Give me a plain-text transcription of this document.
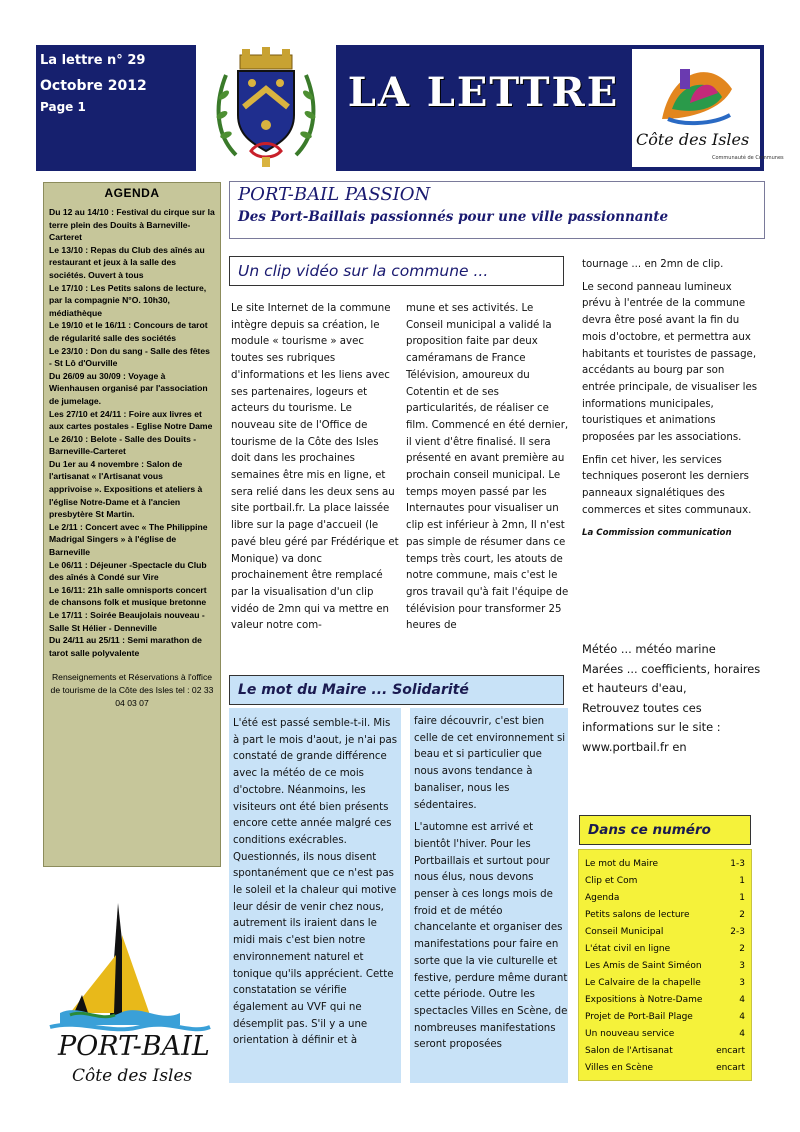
La lettre n° 29
Octobre 2012
Page 1	LA LETTRE
Côte des Isles
Communauté de Communes
AGENDA
Du 12 au 14/10 : Festival du cirque sur la terre plein des Douits à Barneville-Carteret
Le 13/10 : Repas du Club des aînés au restaurant et jeux à la salle des sociétés. Ouvert à tous
Le 17/10 : Les Petits salons de lecture, par la compagnie N°O. 10h30, médiathèque
Le 19/10 et le 16/11 : Concours de tarot de régularité salle des sociétés
Le 23/10 : Don du sang - Salle des fêtes - St Lô d'Ourville
Du 26/09 au 30/09 : Voyage à Wienhausen organisé par l'association de jumelage.
Les 27/10 et 24/11 : Foire aux livres et aux cartes postales - Eglise Notre Dame
Le 26/10 : Belote - Salle des Douits - Barneville-Carteret
Du 1er au 4 novembre : Salon de l'artisanat « l'Artisanat vous
apprivoise ». Expositions et ateliers à l'église Notre-Dame et à l'ancien presbytère St Martin.
Le 2/11 : Concert avec « The Philippine Madrigal Singers » à l'église de Barneville
Le 06/11 : Déjeuner -Spectacle du Club des aînés à Condé sur Vire
Le 16/11: 21h salle omnisports concert de chansons folk et musique bretonne
Le 17/11 : Soirée Beaujolais nouveau - Salle St Hélier - Denneville
Du 24/11 au 25/11 : Semi marathon de tarot salle polyvalente
Renseignements et Réservations à l'office de tourisme de la Côte des Isles tel : 02 33 04 03 07
PORT-BAIL PASSION
Des Port-Baillais passionnés pour une ville passionnante
Un clip vidéo sur la commune ...
Le site Internet de la commune intègre depuis sa création, le module « tourisme » avec toutes ses rubriques d'informations et les liens avec ses partenaires, logeurs et acteurs du tourisme. Le nouveau site de l'Office de tourisme de la Côte des Isles doit dans les prochaines semaines être mis en ligne, et sera relié dans les deux sens au site portbail.fr. La place laissée libre sur la page d'accueil (le pavé bleu géré par Frédérique et Monique) va donc prochainement être remplacé par la visualisation d'un clip vidéo de 2mn qui va mettre en valeur notre com-
mune et ses activités. Le Conseil municipal a validé la proposition faite par deux caméramans de France Télévision, amoureux du Cotentin et de ses particularités, de réaliser ce film. Commencé en été dernier, il vient d'être finalisé. Il sera présenté en avant première au prochain conseil municipal. Le temps moyen passé par les Internautes pour visualiser un clip est inférieur à 2mn, Il n'est pas simple de résumer dans ce temps très court, les atouts de notre commune, mais c'est le gros travail qu'à fait l'équipe de télévision pour transformer 25 heures de

tournage ... en 2mn de clip.

Le second panneau lumineux prévu à l'entrée de la commune devra être posé avant la fin du mois d'octobre, et permettra aux habitants et touristes de passage, accédants au bourg par son entrée principale, de visualiser les informations municipales, touristiques et animations proposées par les associations.

Enfin cet hiver, les services techniques poseront les derniers panneaux signalétiques des commerces et sites communaux.

La Commission communication
Météo ... météo marine
Marées ... coefficients, horaires et hauteurs d'eau,
Retrouvez toutes ces informations sur le site : www.portbail.fr en
Le mot du Maire ... Solidarité
L'été est passé semble-t-il. Mis à part le mois d'aout, je n'ai pas constaté de grande différence avec la météo de ce mois d'octobre. Néanmoins, les visiteurs ont été bien présents encore cette année malgré ces conditions exécrables. Questionnés, ils nous disent spontanément que ce n'est pas le soleil et la chaleur qui motive leur désir de venir chez nous, autrement ils iraient dans le midi mais c'est bien notre environnement naturel et tonique qu'ils apprécient. Cette constatation se vérifie également au VVF qui ne désemplit pas. S'il y a une orientation à définir et à

faire découvrir, c'est bien celle de cet environnement si beau et si particulier que nous avons tendance à banaliser, nous les sédentaires.

L'automne est arrivé et bientôt l'hiver. Pour les Portbaillais et surtout pour nous élus, nous devons penser à ces longs mois de froid et de météo chancelante et organiser des manifestations pour faire en sorte que la vie culturelle et festive, perdure même durant cette période. Outre les spectacles Villes en Scène, de nombreuses manifestations seront proposées

Dans ce numéro
Le mot du Maire	1-3
Clip et Com	1
Agenda	1
Petits salons de lecture	2
Conseil Municipal	2-3
L'état civil en ligne	2
Les Amis de Saint Siméon	3
Le Calvaire de la chapelle	3
Expositions à Notre-Dame	4
Projet de Port-Bail Plage	4
Un nouveau service	4
Salon de l'Artisanat	encart
Villes en Scène	encart
PORT-BAIL
Côte des Isles
